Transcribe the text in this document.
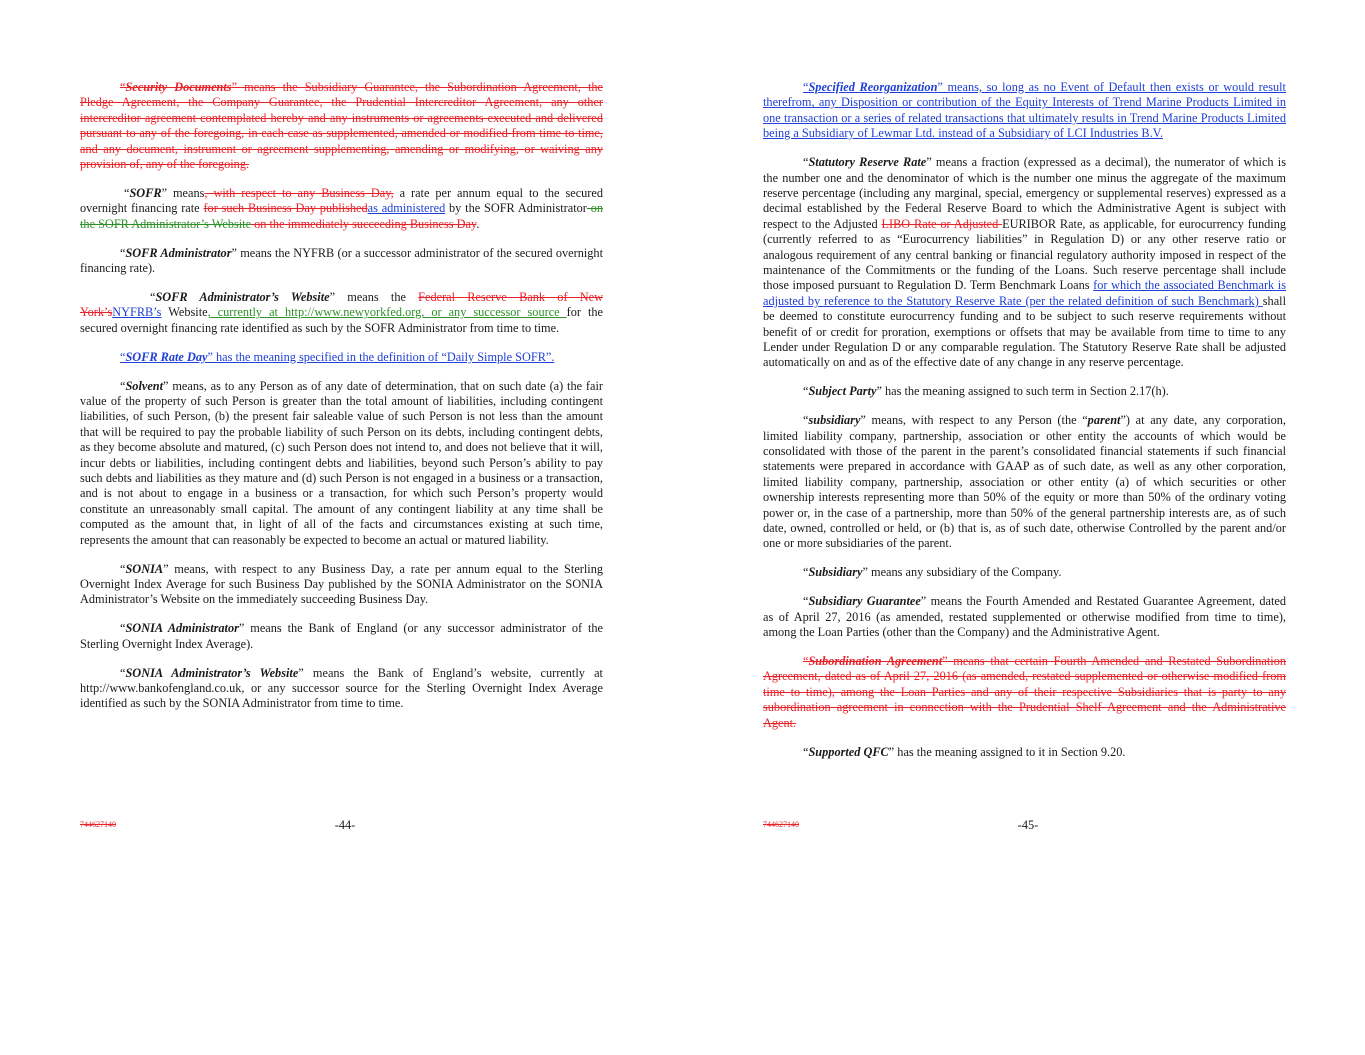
“Security Documents” means the Subsidiary Guarantee, the Subordination Agreement, the Pledge Agreement, the Company Guarantee, the Prudential Intercreditor Agreement, any other intercreditor agreement contemplated hereby and any instruments or agreements executed and delivered pursuant to any of the foregoing, in each case as supplemented, amended or modified from time to time, and any document, instrument or agreement supplementing, amending or modifying, or waiving any provision of, any of the foregoing.

“SOFR” means, with respect to any Business Day, a rate per annum equal to the secured overnight financing rate for such Business Day publishedas administered by the SOFR Administrator on the SOFR Administrator’s Website on the immediately succeeding Business Day.

“SOFR Administrator” means the NYFRB (or a successor administrator of the secured overnight financing rate).

“SOFR Administrator’s Website” means the Federal Reserve Bank of New York’sNYFRB’s Website, currently at http://www.newyorkfed.org, or any successor source for the secured overnight financing rate identified as such by the SOFR Administrator from time to time.

“SOFR Rate Day” has the meaning specified in the definition of “Daily Simple SOFR”.

“Solvent” means, as to any Person as of any date of determination, that on such date (a) the fair value of the property of such Person is greater than the total amount of liabilities, including contingent liabilities, of such Person, (b) the present fair saleable value of such Person is not less than the amount that will be required to pay the probable liability of such Person on its debts, including contingent debts, as they become absolute and matured, (c) such Person does not intend to, and does not believe that it will, incur debts or liabilities, including contingent debts and liabilities, beyond such Person’s ability to pay such debts and liabilities as they mature and (d) such Person is not engaged in a business or a transaction, and is not about to engage in a business or a transaction, for which such Person’s property would constitute an unreasonably small capital. The amount of any contingent liability at any time shall be computed as the amount that, in light of all of the facts and circumstances existing at such time, represents the amount that can reasonably be expected to become an actual or matured liability.

“SONIA” means, with respect to any Business Day, a rate per annum equal to the Sterling Overnight Index Average for such Business Day published by the SONIA Administrator on the SONIA Administrator’s Website on the immediately succeeding Business Day.

“SONIA Administrator” means the Bank of England (or any successor administrator of the Sterling Overnight Index Average).

“SONIA Administrator’s Website” means the Bank of England’s website, currently at http://www.bankofengland.co.uk, or any successor source for the Sterling Overnight Index Average identified as such by the SONIA Administrator from time to time.

744627140	-44-

“Specified Reorganization” means, so long as no Event of Default then exists or would result therefrom, any Disposition or contribution of the Equity Interests of Trend Marine Products Limited in one transaction or a series of related transactions that ultimately results in Trend Marine Products Limited being a Subsidiary of Lewmar Ltd. instead of a Subsidiary of LCI Industries B.V.

“Statutory Reserve Rate” means a fraction (expressed as a decimal), the numerator of which is the number one and the denominator of which is the number one minus the aggregate of the maximum reserve percentage (including any marginal, special, emergency or supplemental reserves) expressed as a decimal established by the Federal Reserve Board to which the Administrative Agent is subject with respect to the Adjusted LIBO Rate or Adjusted EURIBOR Rate, as applicable, for eurocurrency funding (currently referred to as “Eurocurrency liabilities” in Regulation D) or any other reserve ratio or analogous requirement of any central banking or financial regulatory authority imposed in respect of the maintenance of the Commitments or the funding of the Loans. Such reserve percentage shall include those imposed pursuant to Regulation D. Term Benchmark Loans for which the associated Benchmark is adjusted by reference to the Statutory Reserve Rate (per the related definition of such Benchmark) shall be deemed to constitute eurocurrency funding and to be subject to such reserve requirements without benefit of or credit for proration, exemptions or offsets that may be available from time to time to any Lender under Regulation D or any comparable regulation. The Statutory Reserve Rate shall be adjusted automatically on and as of the effective date of any change in any reserve percentage.

“Subject Party” has the meaning assigned to such term in Section 2.17(h).

“subsidiary” means, with respect to any Person (the “parent”) at any date, any corporation, limited liability company, partnership, association or other entity the accounts of which would be consolidated with those of the parent in the parent’s consolidated financial statements if such financial statements were prepared in accordance with GAAP as of such date, as well as any other corporation, limited liability company, partnership, association or other entity (a) of which securities or other ownership interests representing more than 50% of the equity or more than 50% of the ordinary voting power or, in the case of a partnership, more than 50% of the general partnership interests are, as of such date, owned, controlled or held, or (b) that is, as of such date, otherwise Controlled by the parent and/or one or more subsidiaries of the parent.

“Subsidiary” means any subsidiary of the Company.

“Subsidiary Guarantee” means the Fourth Amended and Restated Guarantee Agreement, dated as of April 27, 2016 (as amended, restated supplemented or otherwise modified from time to time), among the Loan Parties (other than the Company) and the Administrative Agent.

“Subordination Agreement” means that certain Fourth Amended and Restated Subordination Agreement, dated as of April 27, 2016 (as amended, restated supplemented or otherwise modified from time to time), among the Loan Parties and any of their respective Subsidiaries that is party to any subordination agreement in connection with the Prudential Shelf Agreement and the Administrative Agent.

“Supported QFC” has the meaning assigned to it in Section 9.20.

744627140	-45-
